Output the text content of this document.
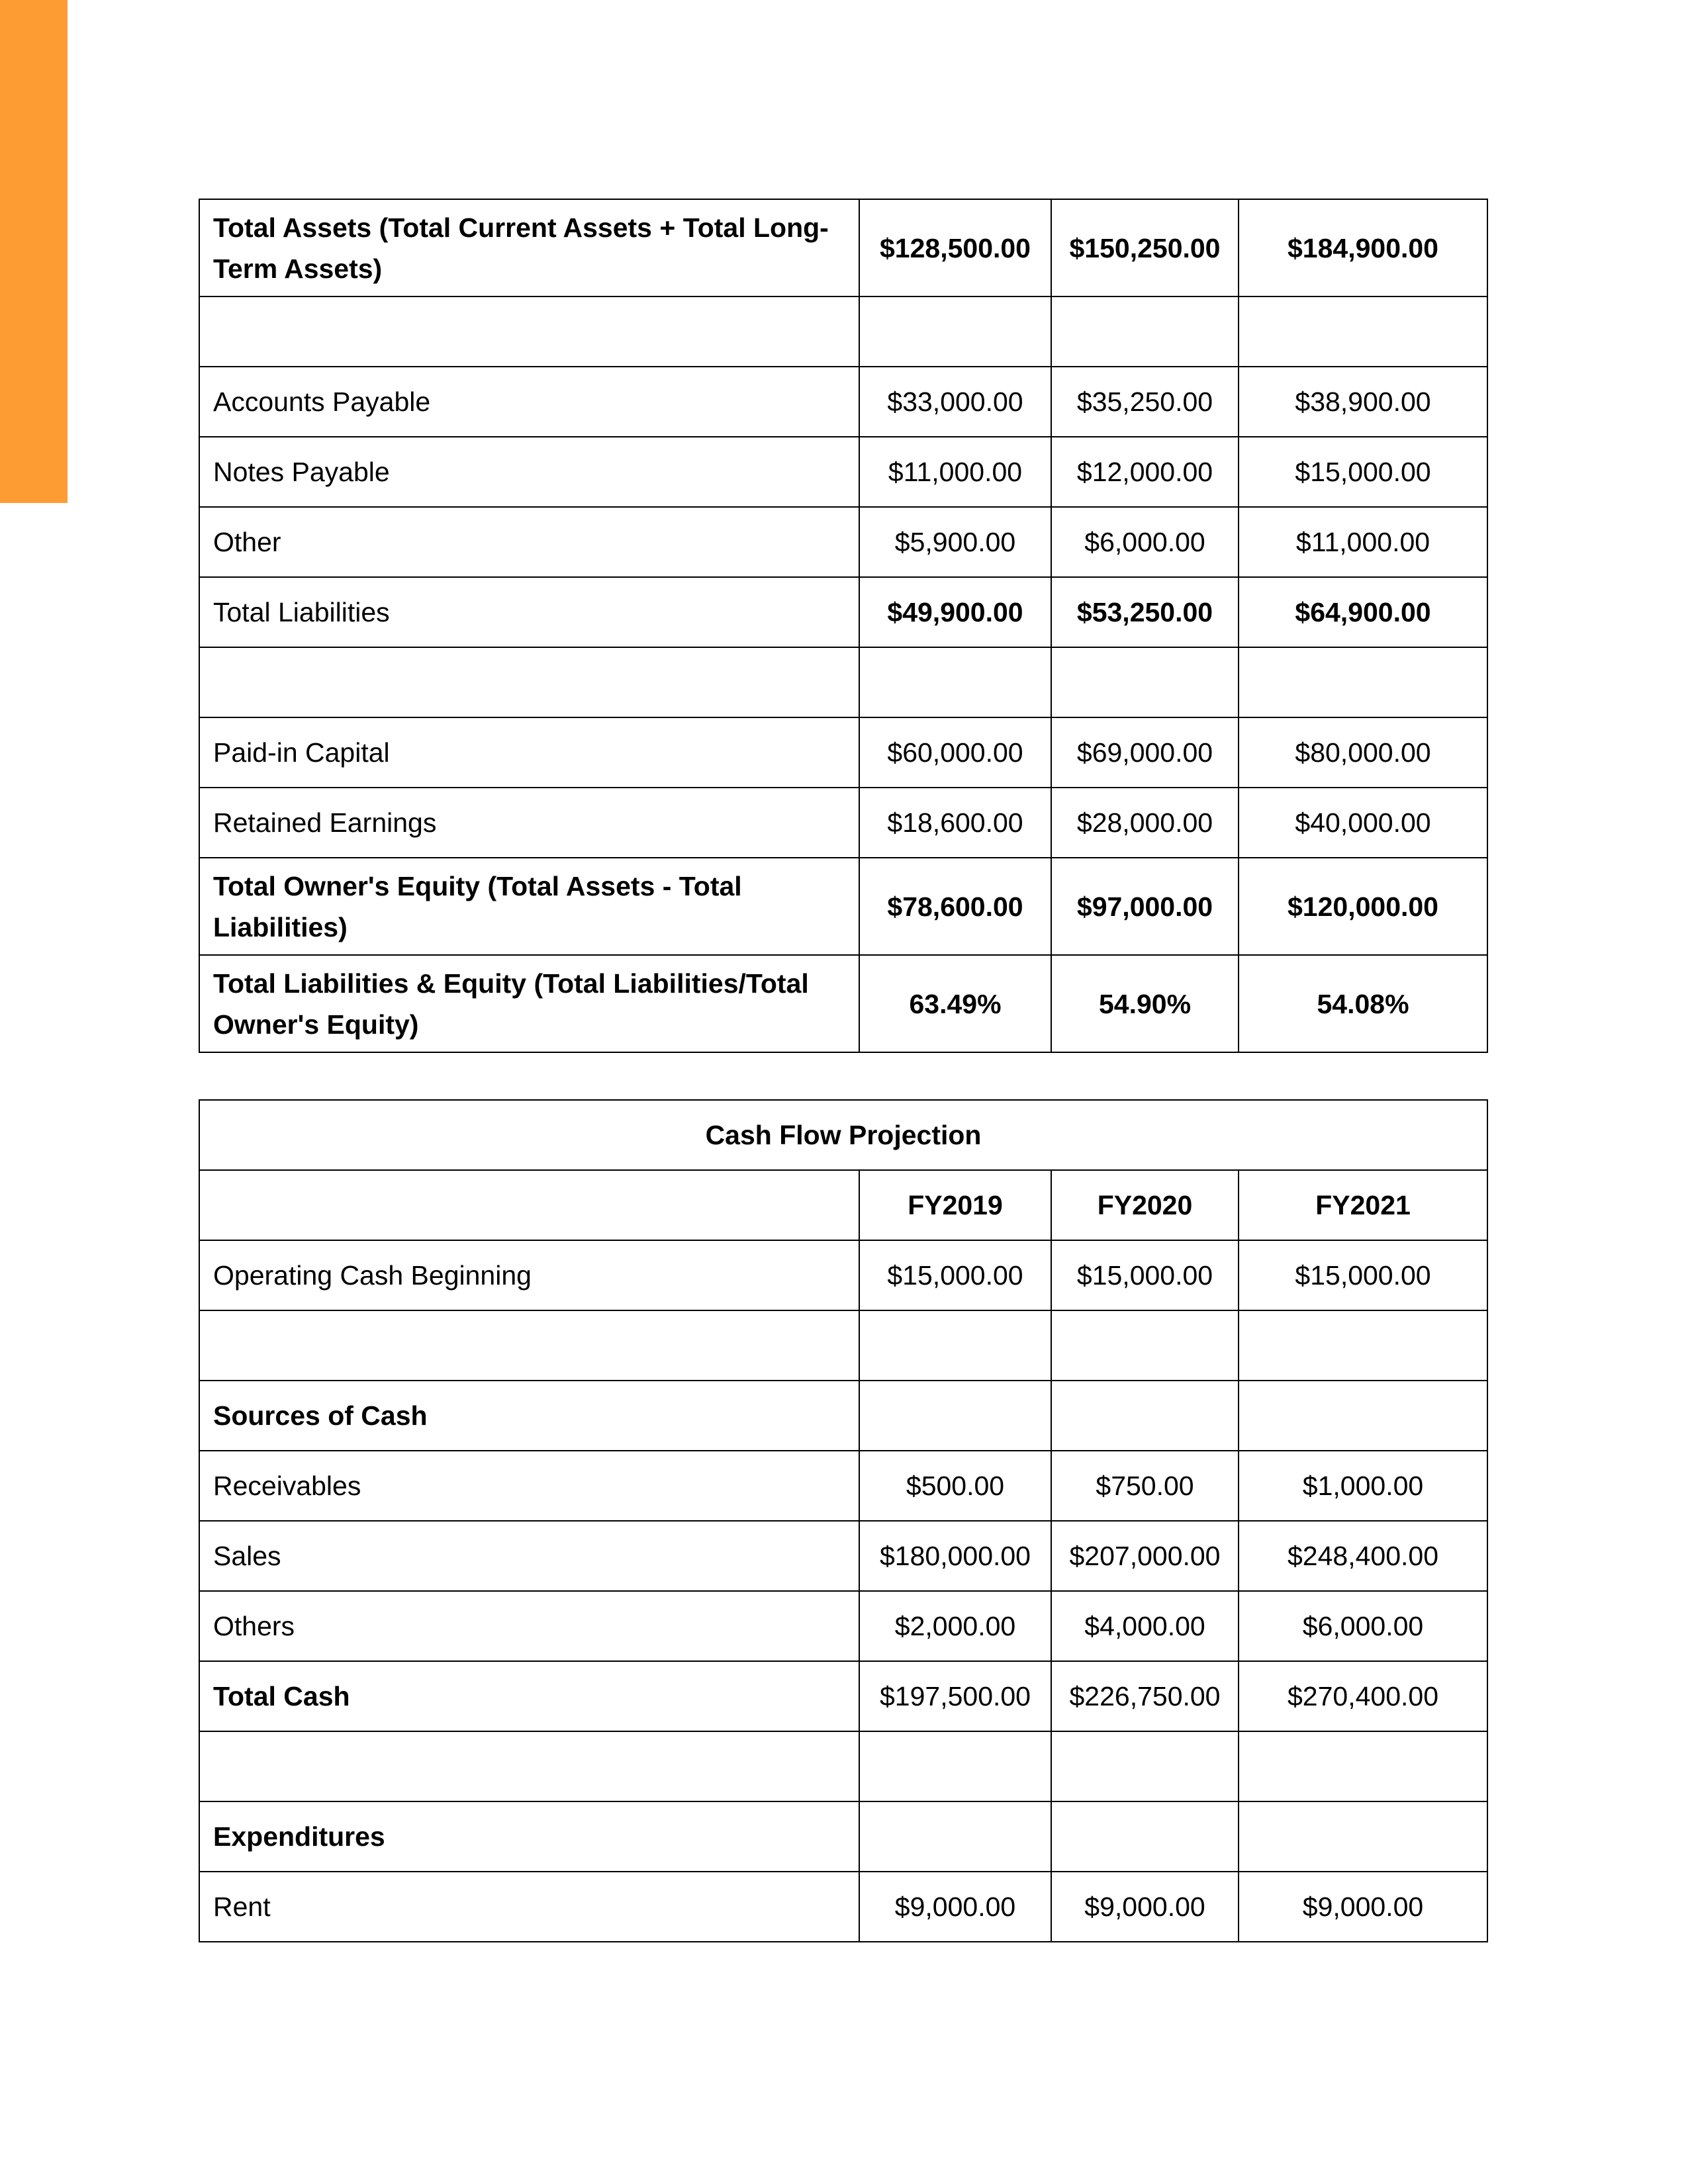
Total Assets (Total Current Assets + Total Long-Term Assets)	$128,500.00	$150,250.00	$184,900.00

Accounts Payable	$33,000.00	$35,250.00	$38,900.00
Notes Payable	$11,000.00	$12,000.00	$15,000.00
Other	$5,900.00	$6,000.00	$11,000.00
Total Liabilities	$49,900.00	$53,250.00	$64,900.00

Paid-in Capital	$60,000.00	$69,000.00	$80,000.00
Retained Earnings	$18,600.00	$28,000.00	$40,000.00
Total Owner's Equity (Total Assets - Total Liabilities)	$78,600.00	$97,000.00	$120,000.00
Total Liabilities & Equity (Total Liabilities/Total Owner's Equity)	63.49%	54.90%	54.08%
Cash Flow Projection			
	FY2019	FY2020	FY2021
Operating Cash Beginning	$15,000.00	$15,000.00	$15,000.00

Sources of Cash			
Receivables	$500.00	$750.00	$1,000.00
Sales	$180,000.00	$207,000.00	$248,400.00
Others	$2,000.00	$4,000.00	$6,000.00
Total Cash	$197,500.00	$226,750.00	$270,400.00

Expenditures			
Rent	$9,000.00	$9,000.00	$9,000.00
